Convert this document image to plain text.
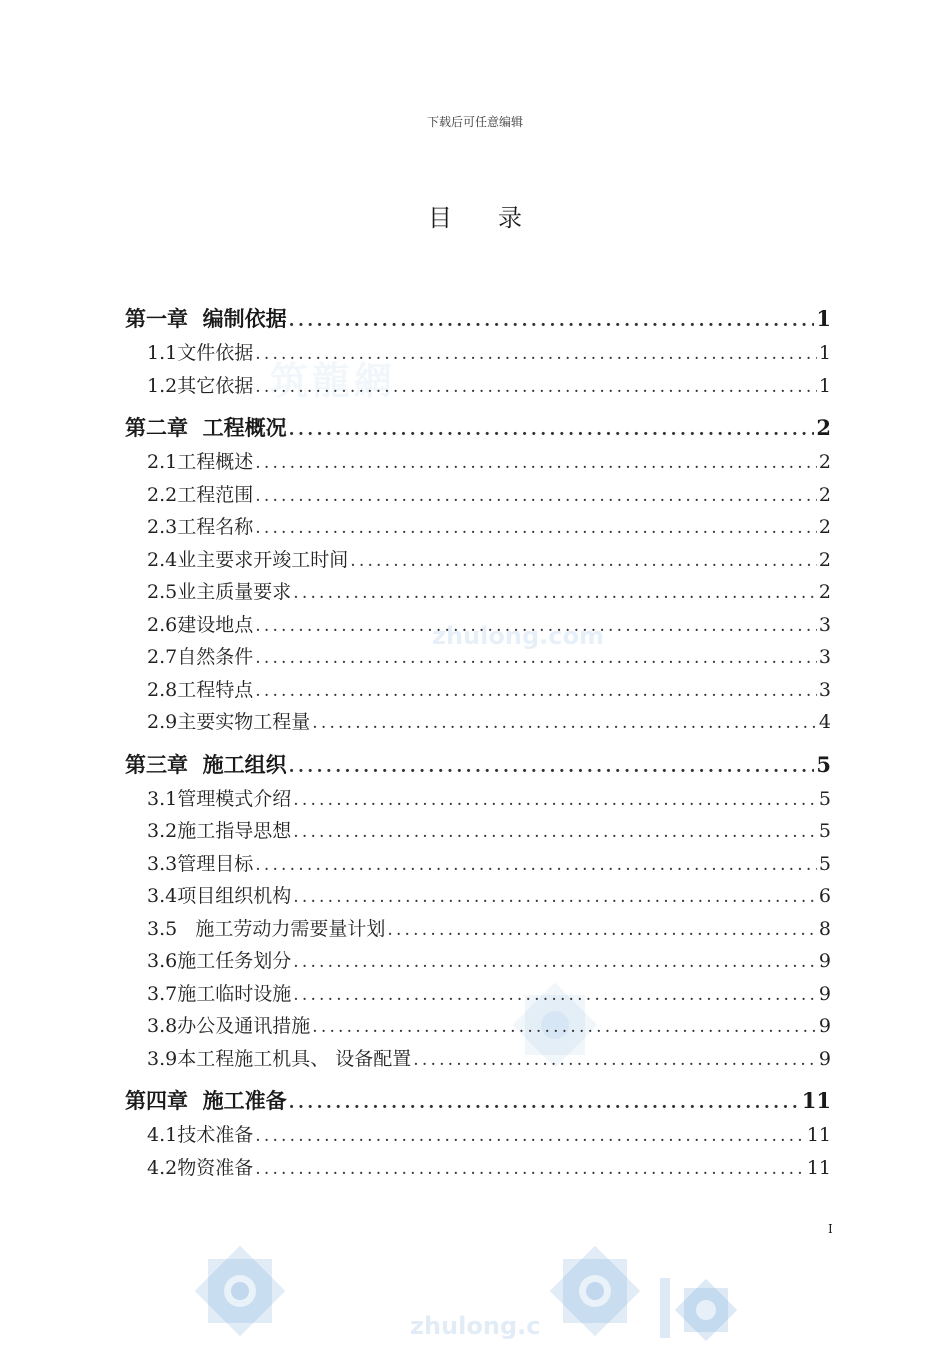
下载后可任意编辑
目录
筑龍網
zhulong.com
zhulong.c
第一章  编制依据 .....	1
1.1 文件依据 .....	1
1.2 其它依据 .....	1
第二章  工程概况 .....	2
2.1 工程概述 .....	2
2.2 工程范围 .....	2
2.3 工程名称 .....	2
2.4 业主要求开竣工时间 .....	2
2.5 业主质量要求 .....	2
2.6 建设地点 .....	3
2.7 自然条件 .....	3
2.8 工程特点 .....	3
2.9 主要实物工程量 .....	4
第三章  施工组织 .....	5
3.1 管理模式介绍 .....	5
3.2 施工指导思想 .....	5
3.3 管理目标 .....	5
3.4 项目组织机构 .....	6
3.5 施工劳动力需要量计划 .....	8
3.6 施工任务划分 .....	9
3.7 施工临时设施 .....	9
3.8 办公及通讯措施 .....	9
3.9 本工程施工机具、 设备配置 .....	9
第四章  施工准备 .....	11
4.1 技术准备 .....	11
4.2 物资准备 .....	11
I
